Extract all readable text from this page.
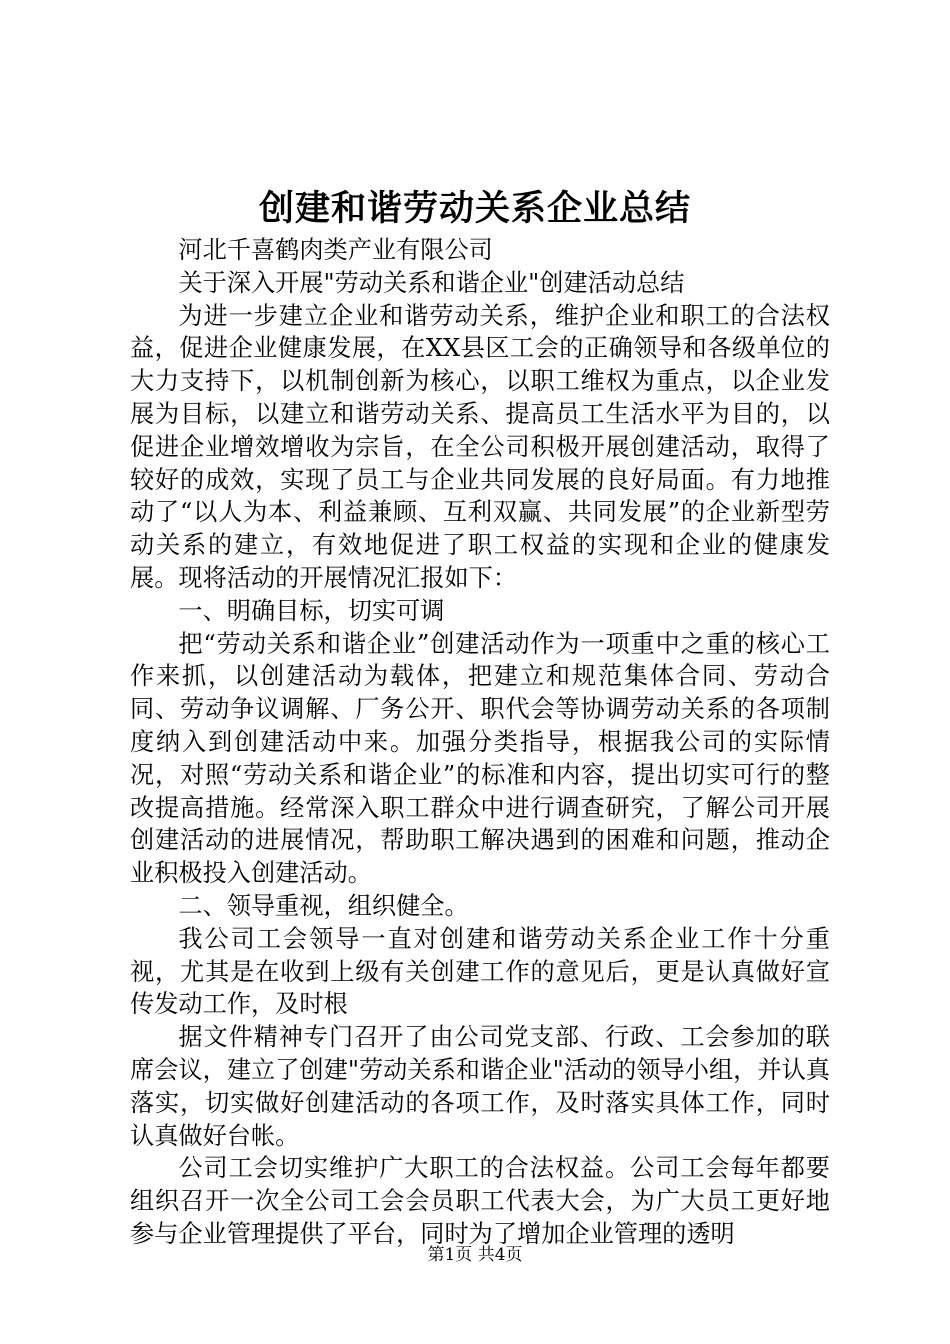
创建和谐劳动关系企业总结

河北千喜鹤肉类产业有限公司

关于深入开展"劳动关系和谐企业"创建活动总结

为进一步建立企业和谐劳动关系，维护企业和职工的合法权益，促进企业健康发展，在XX县区工会的正确领导和各级单位的大力支持下，以机制创新为核心，以职工维权为重点，以企业发展为目标，以建立和谐劳动关系、提高员工生活水平为目的，以促进企业增效增收为宗旨，在全公司积极开展创建活动，取得了较好的成效，实现了员工与企业共同发展的良好局面。有力地推动了“以人为本、利益兼顾、互利双赢、共同发展”的企业新型劳动关系的建立，有效地促进了职工权益的实现和企业的健康发展。现将活动的开展情况汇报如下：

一、明确目标，切实可调

把“劳动关系和谐企业”创建活动作为一项重中之重的核心工作来抓，以创建活动为载体，把建立和规范集体合同、劳动合同、劳动争议调解、厂务公开、职代会等协调劳动关系的各项制度纳入到创建活动中来。加强分类指导，根据我公司的实际情况，对照“劳动关系和谐企业”的标准和内容，提出切实可行的整改提高措施。经常深入职工群众中进行调查研究，了解公司开展创建活动的进展情况，帮助职工解决遇到的困难和问题，推动企业积极投入创建活动。

二、领导重视，组织健全。

我公司工会领导一直对创建和谐劳动关系企业工作十分重视，尤其是在收到上级有关创建工作的意见后，更是认真做好宣传发动工作，及时根

据文件精神专门召开了由公司党支部、行政、工会参加的联席会议，建立了创建"劳动关系和谐企业"活动的领导小组，并认真落实，切实做好创建活动的各项工作，及时落实具体工作，同时认真做好台帐。

公司工会切实维护广大职工的合法权益。公司工会每年都要组织召开一次全公司工会会员职工代表大会，为广大员工更好地参与企业管理提供了平台，同时为了增加企业管理的透明

第1页 共4页
